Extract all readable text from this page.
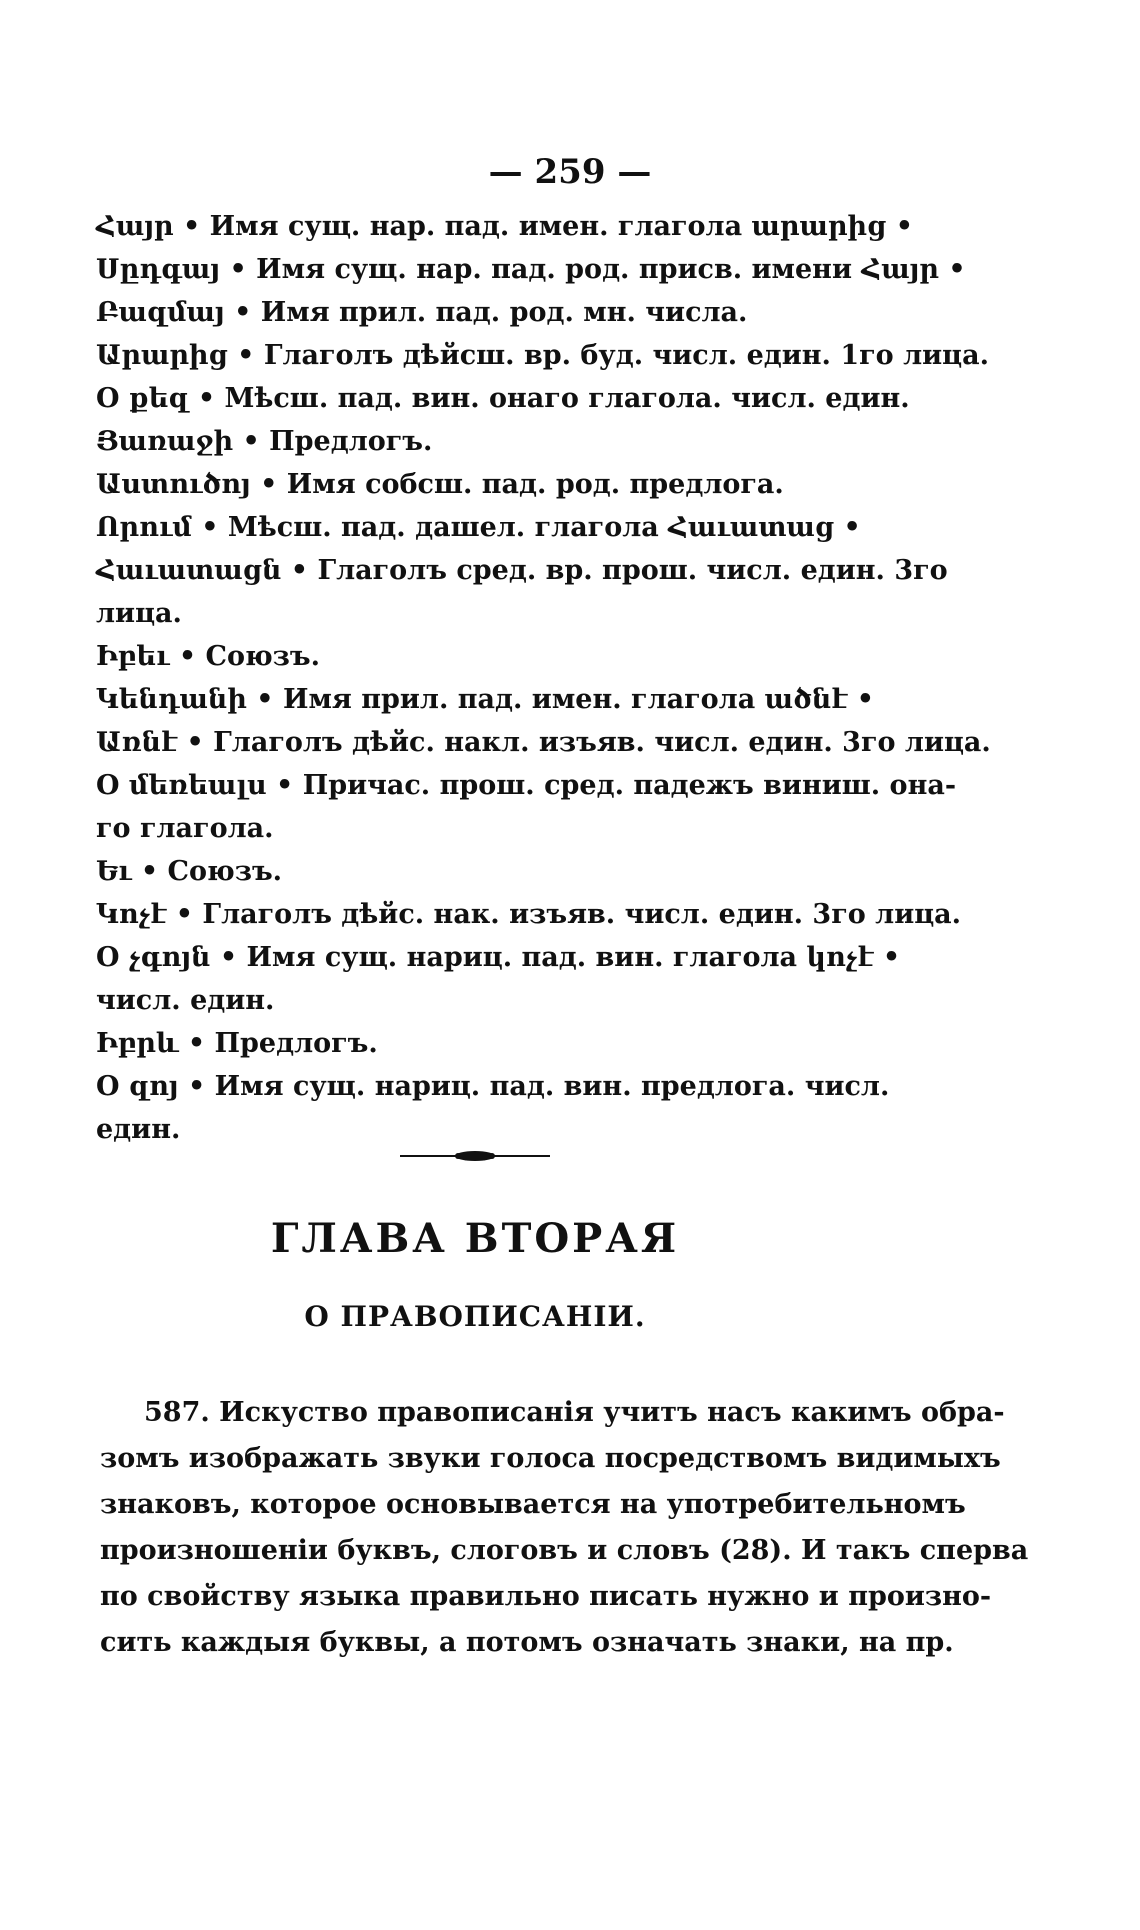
— 259 —
Հայր • Имя сущ. нар. пад. имен. глагола արարից •
Սըդգայ • Имя сущ. нар. пад. род. присв. имени Հայր •
Բազմայ • Имя прил. пад. род. мн. числа.
Արարից • Глаголъ дѣйсш. вр. буд. числ. един. 1го лица.
Օ քեզ • Мѣсш. пад. вин. онаго глагола. числ. един.
Յառաջի • Предлогъ.
Աստուծոյ • Имя собсш. пад. род. предлога.
Որում • Мѣсш. пад. дашел. глагола Հաւատաց •
Հաւատացն • Глаголъ сред. вр. прош. числ. един. 3го
лица.
Իբեւ • Союзъ.
Կենդանի • Имя прил. пад. имен. глагола ածնէ •
Առնէ • Глаголъ дѣйс. накл. изъяв. числ. един. 3го лица.
Օ մեռեալս • Причас. прош. сред. падежъ виниш. она-
го глагола.
Եւ • Союзъ.
Կոչէ • Глаголъ дѣйс. нак. изъяв. числ. един. 3го лица.
Օ չգոյն • Имя сущ. нариц. пад. вин. глагола կոչէ •
числ. един.
Իբրև • Предлогъ.
Օ զոյ • Имя сущ. нариц. пад. вин. предлога. числ.
един.
ГЛАВА ВТОРАЯ
О ПРАВОПИСАНІИ.
587. Искуство правописанія учитъ насъ какимъ обра-
зомъ изображать звуки голоса посредствомъ видимыхъ
знаковъ, которое основывается на употребительномъ
произношеніи буквъ, слоговъ и словъ (28). И такъ сперва
по свойству языка правильно писать нужно и произно-
сить каждыя буквы, а потомъ означать знаки, на пр.
